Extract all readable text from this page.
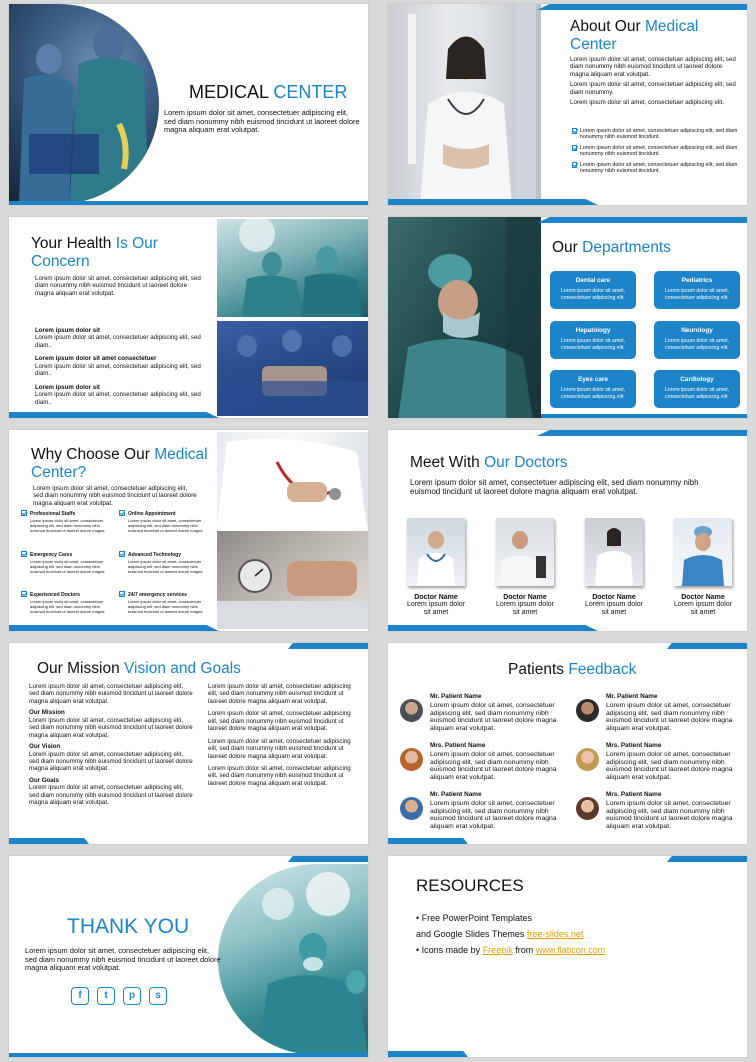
MEDICAL CENTER
Lorem ipsum dolor sit amet, consectetuer adipiscing elit, sed diam nonummy nibh euismod tincidunt ut laoreet dolore magna aliquam erat volutpat.
About Our Medical Center

Lorem ipsum dolor sit amet, consectetuer adipiscing elit, sed diam nonummy nibh euismod tincidunt ut laoreet dolore magna aliquam erat volutpat.

Lorem ipsum dolor sit amet, consectetuer adipiscing elit, sed diam nonummy.

Lorem ipsum dolor sit amet, consectetuer adipiscing elit.

Lorem ipsum dolor sit amet, consectetuer adipiscing elit, sed diam nonummy nibh euismod tincidunt.
Lorem ipsum dolor sit amet, consectetuer adipiscing elit, sed diam nonummy nibh euismod tincidunt.
Lorem ipsum dolor sit amet, consectetuer adipiscing elit, sed diam nonummy nibh euismod tincidunt.
Your Health Is Our Concern
Lorem ipsum dolor sit amet, consectetuer adipiscing elit, sed diam nonummy nibh euismod tincidunt ut laoreet dolore magna aliquam erat volutpat.

Lorem ipsum dolor sit

Lorem ipsum dolor sit amet, consectetuer adipiscing elit, sed diam..

Lorem ipsum dolor sit amet consectetuer

Lorem ipsum dolor sit amet, consectetuer adipiscing elit, sed diam..

Lorem ipsum dolor sit

Lorem ipsum dolor sit amet, consectetuer adipiscing elit, sed diam..

Our Departments
Dental care
Lorem ipsum dolor sit amet, consectetuer adipiscing elit.
Pediatrics
Lorem ipsum dolor sit amet, consectetuer adipiscing elit.
Hepatology
Lorem ipsum dolor sit amet, consectetuer adipiscing elit.
Neurology
Lorem ipsum dolor sit amet, consectetuer adipiscing elit.
Eyes care
Lorem ipsum dolor sit amet, consectetuer adipiscing elit.
Cardiology
Lorem ipsum dolor sit amet, consectetuer adipiscing elit.
Why Choose Our Medical Center?
Lorem ipsum dolor sit amet, consectetuer adipiscing elit, sed diam nonummy nibh euismod tincidunt ut laoreet dolore magna aliquam erat volutpat.
Professional Staffs
Lorem ipsum dolor sit amet, consectetuer adipiscing elit, sed diam nonummy nibh euismod tincidunt ut laoreet dolore magna
Online Appointment
Lorem ipsum dolor sit amet, consectetuer adipiscing elit, sed diam nonummy nibh euismod tincidunt ut laoreet dolore magna
Emergency Cares
Lorem ipsum dolor sit amet, consectetuer adipiscing elit, sed diam nonummy nibh euismod tincidunt ut laoreet dolore magna
Advanced Technology
Lorem ipsum dolor sit amet, consectetuer adipiscing elit, sed diam nonummy nibh euismod tincidunt ut laoreet dolore magna
Experienced Doctors
Lorem ipsum dolor sit amet, consectetuer adipiscing elit, sed diam nonummy nibh euismod tincidunt ut laoreet dolore magna
24/7 emergency services
Lorem ipsum dolor sit amet, consectetuer adipiscing elit, sed diam nonummy nibh euismod tincidunt ut laoreet dolore magna
Meet With Our Doctors
Lorem ipsum dolor sit amet, consectetuer adipiscing elit, sed diam nonummy nibh euismod tincidunt ut laoreet dolore magna aliquam erat volutpat.
Doctor Name
Lorem ipsum dolor sit amet
Doctor Name
Lorem ipsum dolor sit amet
Doctor Name
Lorem ipsum dolor sit amet
Doctor Name
Lorem ipsum dolor sit amet
Our Mission Vision and Goals

Lorem ipsum dolor sit amet, consectetuer adipiscing elit, sed diam nonummy nibh euismod tincidunt ut laoreet dolore magna aliquam erat volutpat.

Our Mission

Lorem ipsum dolor sit amet, consectetuer adipiscing elit, sed diam nonummy nibh euismod tincidunt ut laoreet dolore magna aliquam erat volutpat.

Our Vision

Lorem ipsum dolor sit amet, consectetuer adipiscing elit, sed diam nonummy nibh euismod tincidunt ut laoreet dolore magna aliquam erat volutpat.

Our Goals

Lorem ipsum dolor sit amet, consectetuer adipiscing elit, sed diam nonummy nibh euismod tincidunt ut laoreet dolore magna aliquam erat volutpat.

Lorem ipsum dolor sit amet, consectetuer adipiscing elit, sed diam nonummy nibh euismod tincidunt ut laoreet dolore magna aliquam erat volutpat.

Lorem ipsum dolor sit amet, consectetuer adipiscing elit, sed diam nonummy nibh euismod tincidunt ut laoreet dolore magna aliquam erat volutpat.

Lorem ipsum dolor sit amet, consectetuer adipiscing elit, sed diam nonummy nibh euismod tincidunt ut laoreet dolore magna aliquam erat volutpat.

Lorem ipsum dolor sit amet, consectetuer adipiscing elit, sed diam nonummy nibh euismod tincidunt ut laoreet dolore magna aliquam erat volutpat.

Patients Feedback
Mr. Patient Name
Lorem ipsum dolor sit amet, consectetuer adipiscing elit, sed diam nonummy nibh euismod tincidunt ut laoreet dolore magna aliquam erat volutpat.
Mr. Patient Name
Lorem ipsum dolor sit amet, consectetuer adipiscing elit, sed diam nonummy nibh euismod tincidunt ut laoreet dolore magna aliquam erat volutpat.
Mrs. Patient Name
Lorem ipsum dolor sit amet, consectetuer adipiscing elit, sed diam nonummy nibh euismod tincidunt ut laoreet dolore magna aliquam erat volutpat.
Mrs. Patient Name
Lorem ipsum dolor sit amet, consectetuer adipiscing elit, sed diam nonummy nibh euismod tincidunt ut laoreet dolore magna aliquam erat volutpat.
Mr. Patient Name
Lorem ipsum dolor sit amet, consectetuer adipiscing elit, sed diam nonummy nibh euismod tincidunt ut laoreet dolore magna aliquam erat volutpat.
Mrs. Patient Name
Lorem ipsum dolor sit amet, consectetuer adipiscing elit, sed diam nonummy nibh euismod tincidunt ut laoreet dolore magna aliquam erat volutpat.
THANK YOU
Lorem ipsum dolor sit amet, consectetuer adipiscing elit, sed diam nonummy nibh euismod tincidunt ut laoreet dolore magna aliquam erat volutpat.
f	t	p	s
RESOURCES
• Free PowerPoint Templates
and Google Slides Themes free-slides.net
• Icons made by Freepik from www.flaticon.com
